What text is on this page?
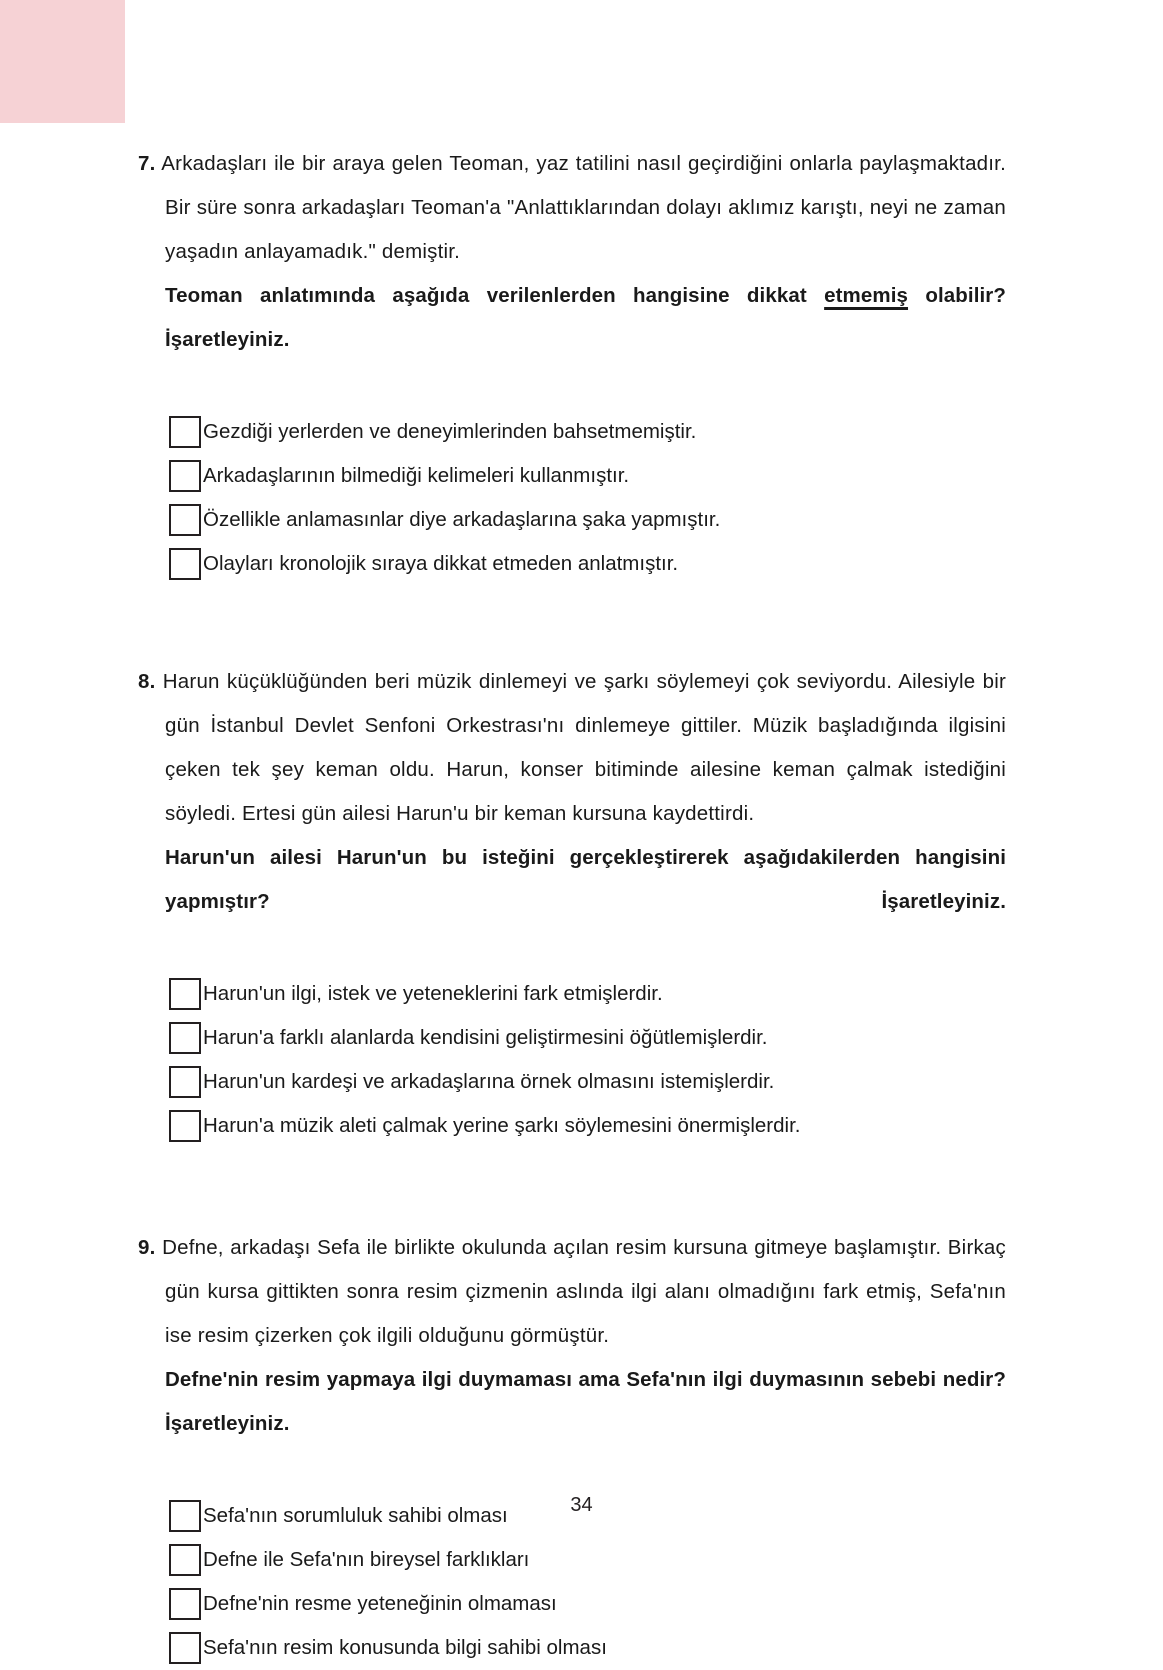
7. Arkadaşları ile bir araya gelen Teoman, yaz tatilini nasıl geçirdiğini onlarla paylaşmaktadır. Bir süre sonra arkadaşları Teoman'a "Anlattıklarından dolayı aklımız karıştı, neyi ne zaman yaşadın anlayamadık." demiştir.

Teoman anlatımında aşağıda verilenlerden hangisine dikkat etmemiş olabilir? İşaretleyiniz.

Gezdiği yerlerden ve deneyimlerinden bahsetmemiştir.
Arkadaşlarının bilmediği kelimeleri kullanmıştır.
Özellikle anlamasınlar diye arkadaşlarına şaka yapmıştır.
Olayları kronolojik sıraya dikkat etmeden anlatmıştır.

8. Harun küçüklüğünden beri müzik dinlemeyi ve şarkı söylemeyi çok seviyordu. Ailesiyle bir gün İstanbul Devlet Senfoni Orkestrası'nı dinlemeye gittiler. Müzik başladığında ilgisini çeken tek şey keman oldu. Harun, konser bitiminde ailesine keman çalmak istediğini söyledi. Ertesi gün ailesi Harun'u bir keman kursuna kaydettirdi.

Harun'un ailesi Harun'un bu isteğini gerçekleştirerek aşağıdakilerden hangisini yapmıştır? İşaretleyiniz.

Harun'un ilgi, istek ve yeteneklerini fark etmişlerdir.
Harun'a farklı alanlarda kendisini geliştirmesini öğütlemişlerdir.
Harun'un kardeşi ve arkadaşlarına örnek olmasını istemişlerdir.
Harun'a müzik aleti çalmak yerine şarkı söylemesini önermişlerdir.

9. Defne, arkadaşı Sefa ile birlikte okulunda açılan resim kursuna gitmeye başlamıştır. Birkaç gün kursa gittikten sonra resim çizmenin aslında ilgi alanı olmadığını fark etmiş, Sefa'nın ise resim çizerken çok ilgili olduğunu görmüştür.

Defne'nin resim yapmaya ilgi duymaması ama Sefa'nın ilgi duymasının sebebi nedir? İşaretleyiniz.

Sefa'nın sorumluluk sahibi olması
Defne ile Sefa'nın bireysel farklıkları
Defne'nin resme yeteneğinin olmaması
Sefa'nın resim konusunda bilgi sahibi olması
34
